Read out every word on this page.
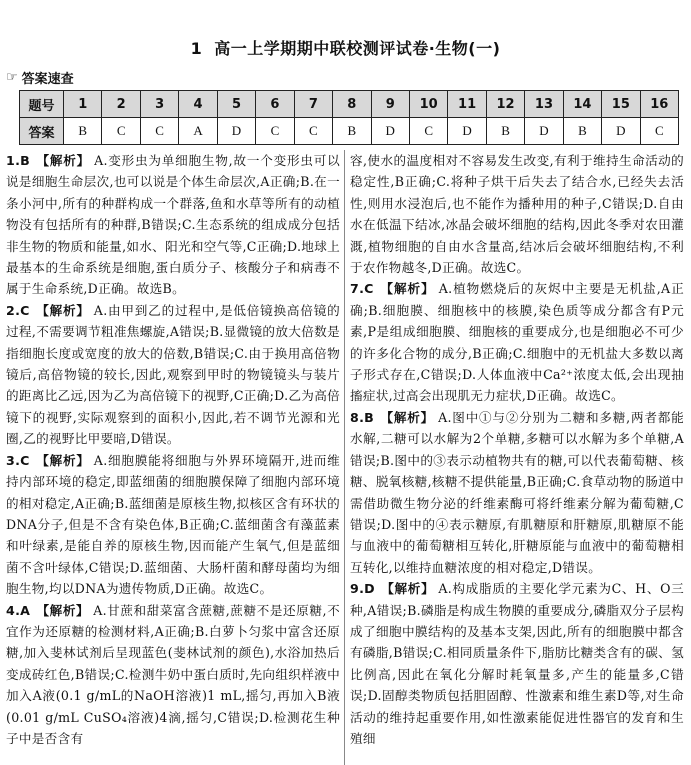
1 高一上学期期中联校测评试卷·生物(一)
☞ 答案速查
题号	1	2	3	4	5	6	7	8	9	10	11	12	13	14	15	16
答案	B	C	C	A	D	C	C	B	D	C	D	B	D	B	D	C

1.B 【解析】 A.变形虫为单细胞生物,故一个变形虫可以说是细胞生命层次,也可以说是个体生命层次,A正确;B.在一条小河中,所有的种群构成一个群落,鱼和水草等所有的动植物没有包括所有的种群,B错误;C.生态系统的组成成分包括非生物的物质和能量,如水、阳光和空气等,C正确;D.地球上最基本的生命系统是细胞,蛋白质分子、核酸分子和病毒不属于生命系统,D正确。故选B。

2.C 【解析】 A.由甲到乙的过程中,是低倍镜换高倍镜的过程,不需要调节粗准焦螺旋,A错误;B.显微镜的放大倍数是指细胞长度或宽度的放大的倍数,B错误;C.由于换用高倍物镜后,高倍物镜的较长,因此,观察到甲时的物镜镜头与装片的距离比乙远,因为乙为高倍镜下的视野,C正确;D.乙为高倍镜下的视野,实际观察到的面积小,因此,若不调节光源和光圈,乙的视野比甲要暗,D错误。

3.C 【解析】 A.细胞膜能将细胞与外界环境隔开,进而维持内部环境的稳定,即蓝细菌的细胞膜保障了细胞内部环境的相对稳定,A正确;B.蓝细菌是原核生物,拟核区含有环状的DNA分子,但是不含有染色体,B正确;C.蓝细菌含有藻蓝素和叶绿素,是能自养的原核生物,因而能产生氧气,但是蓝细菌不含叶绿体,C错误;D.蓝细菌、大肠杆菌和酵母菌均为细胞生物,均以DNA为遗传物质,D正确。故选C。

4.A 【解析】 A.甘蔗和甜菜富含蔗糖,蔗糖不是还原糖,不宜作为还原糖的检测材料,A正确;B.白萝卜匀浆中富含还原糖,加入斐林试剂后呈现蓝色(斐林试剂的颜色),水浴加热后变成砖红色,B错误;C.检测牛奶中蛋白质时,先向组织样液中加入A液(0.1 g/mL的NaOH溶液)1 mL,摇匀,再加入B液(0.01 g/mL CuSO₄溶液)4滴,摇匀,C错误;D.检测花生种子中是否含有

容,使水的温度相对不容易发生改变,有利于维持生命活动的稳定性,B正确;C.将种子烘干后失去了结合水,已经失去活性,则用水浸泡后,也不能作为播种用的种子,C错误;D.自由水在低温下结冰,冰晶会破坏细胞的结构,因此冬季对农田灌溉,植物细胞的自由水含量高,结冰后会破坏细胞结构,不利于农作物越冬,D正确。故选C。

7.C 【解析】 A.植物燃烧后的灰烬中主要是无机盐,A正确;B.细胞膜、细胞核中的核膜,染色质等成分都含有P元素,P是组成细胞膜、细胞核的重要成分,也是细胞必不可少的许多化合物的成分,B正确;C.细胞中的无机盐大多数以离子形式存在,C错误;D.人体血液中Ca²⁺浓度太低,会出现抽搐症状,过高会出现肌无力症状,D正确。故选C。

8.B 【解析】 A.图中①与②分别为二糖和多糖,两者都能水解,二糖可以水解为2个单糖,多糖可以水解为多个单糖,A错误;B.图中的③表示动植物共有的糖,可以代表葡萄糖、核糖、脱氧核糖,核糖不提供能量,B正确;C.食草动物的肠道中需借助微生物分泌的纤维素酶可将纤维素分解为葡萄糖,C错误;D.图中的④表示糖原,有肌糖原和肝糖原,肌糖原不能与血液中的葡萄糖相互转化,肝糖原能与血液中的葡萄糖相互转化,以维持血糖浓度的相对稳定,D错误。

9.D 【解析】 A.构成脂质的主要化学元素为C、H、O三种,A错误;B.磷脂是构成生物膜的重要成分,磷脂双分子层构成了细胞中膜结构的及基本支架,因此,所有的细胞膜中都含有磷脂,B错误;C.相同质量条件下,脂肪比糖类含有的碳、氢比例高,因此在氧化分解时耗氧量多,产生的能量多,C错误;D.固醇类物质包括胆固醇、性激素和维生素D等,对生命活动的维持起重要作用,如性激素能促进性器官的发育和生殖细
